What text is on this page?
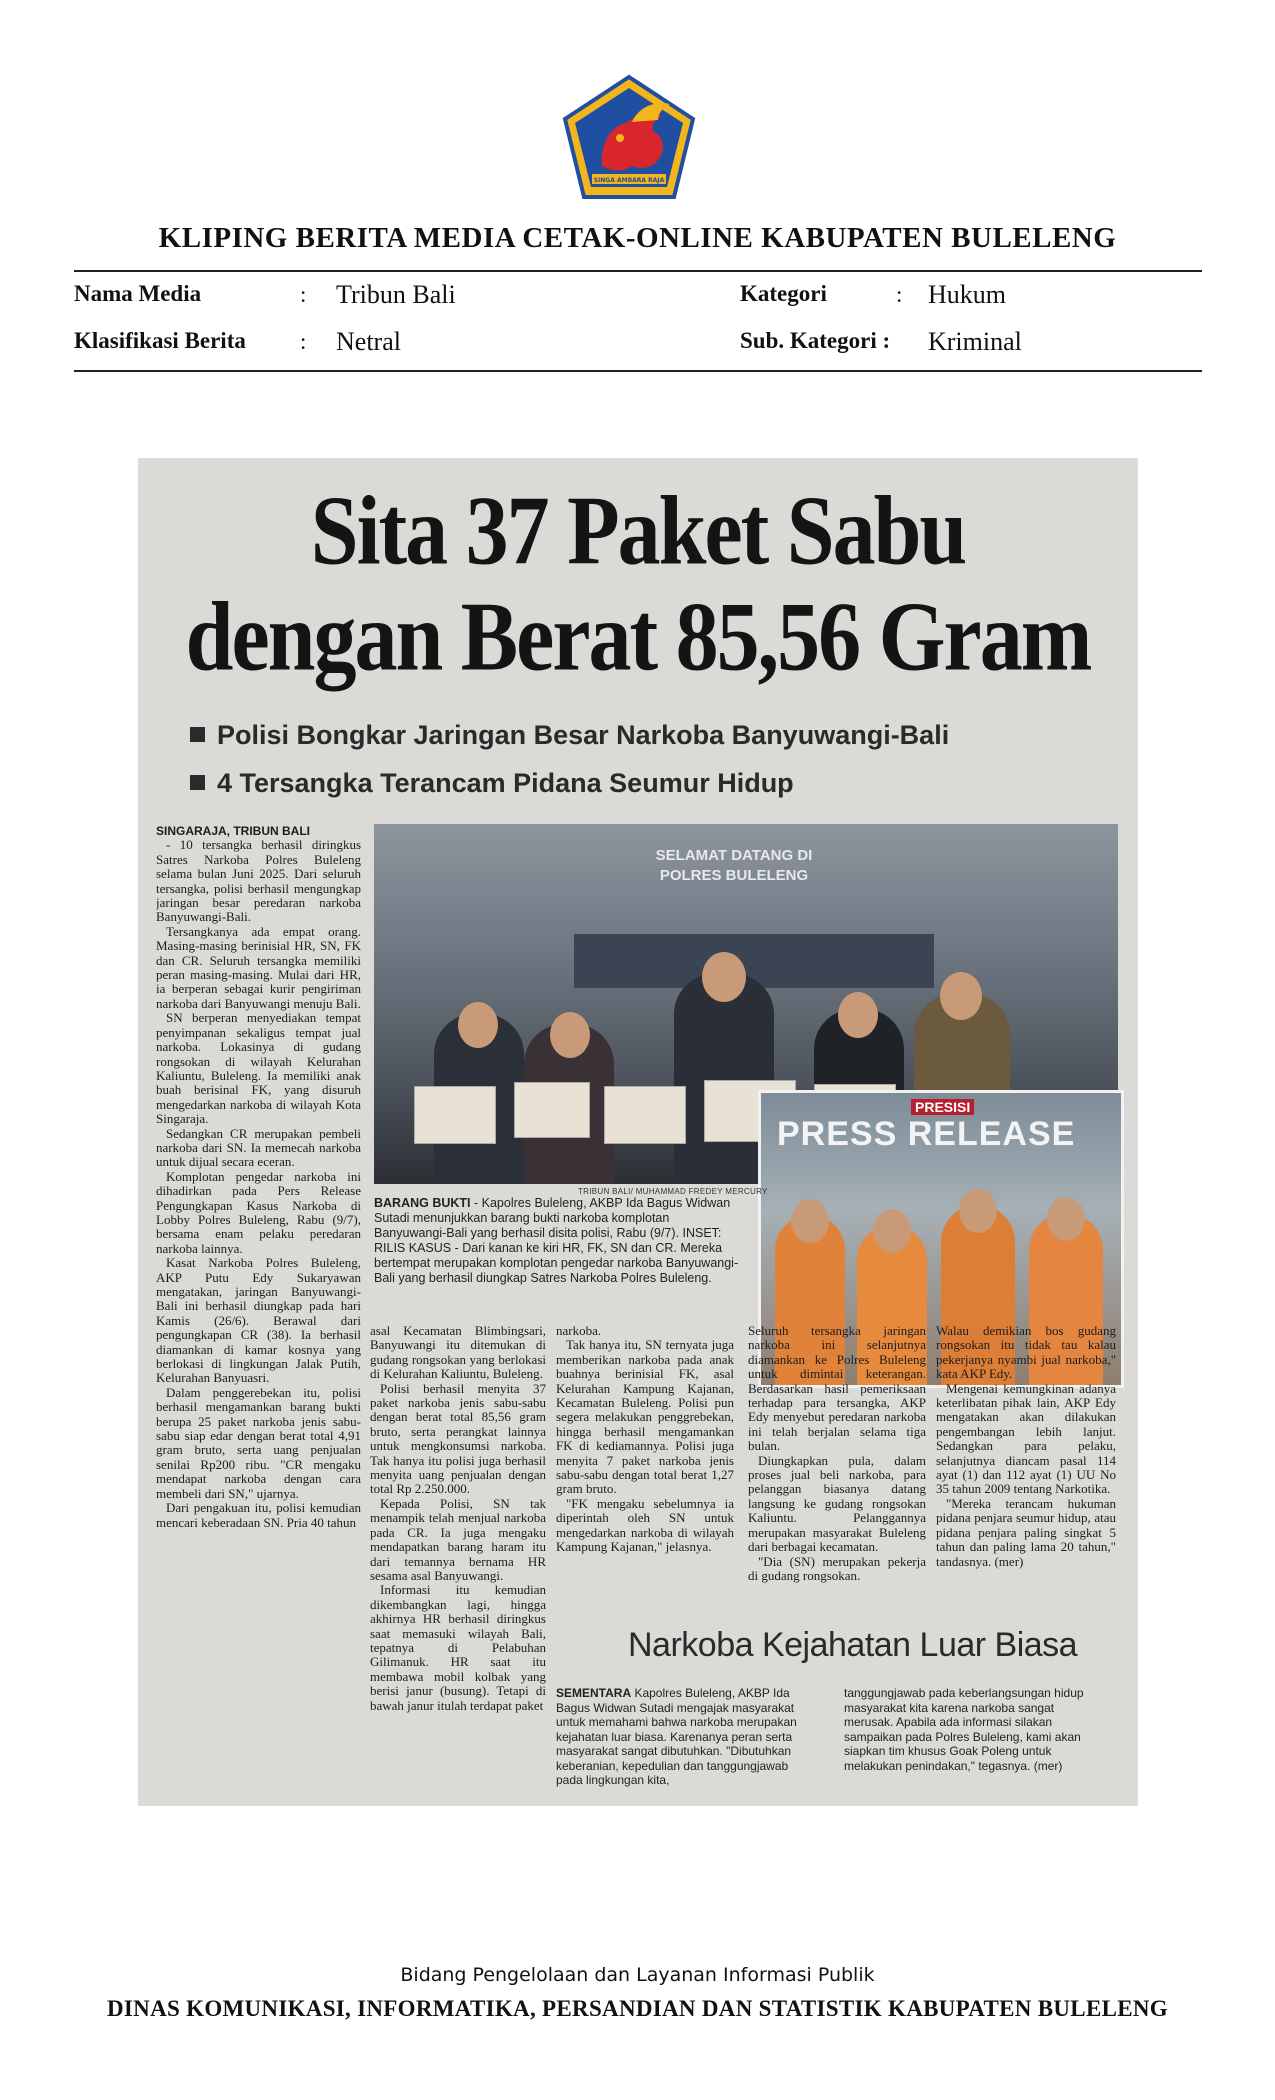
SINGA AMBARA RAJA
KLIPING BERITA MEDIA CETAK-ONLINE KABUPATEN BULELENG
Nama Media	: Tribun Bali	Kategori	: Hukum
Klasifikasi Berita : Netral	Sub. Kategori : Kriminal
Sita 37 Paket Sabu
dengan Berat 85,56 Gram
Polisi Bongkar Jaringan Besar Narkoba Banyuwangi-Bali
4 Tersangka Terancam Pidana Seumur Hidup
SELAMAT DATANG DI POLRES BULELENG
PRESISI
PRESS RELEASE
TRIBUN BALI/ MUHAMMAD FREDEY MERCURY
BARANG BUKTI - Kapolres Buleleng, AKBP Ida Bagus Widwan Sutadi menunjukkan barang bukti narkoba komplotan Banyuwangi-Bali yang berhasil disita polisi, Rabu (9/7). INSET: RILIS KASUS - Dari kanan ke kiri HR, FK, SN dan CR. Mereka bertempat merupakan komplotan pengedar narkoba Banyuwangi-Bali yang berhasil diungkap Satres Narkoba Polres Buleleng.
SINGARAJA, TRIBUN BALI

- 10 tersangka berhasil diringkus Satres Narkoba Polres Buleleng selama bulan Juni 2025. Dari seluruh tersangka, polisi berhasil mengungkap jaringan besar peredaran narkoba Banyuwangi-Bali.

Tersangkanya ada empat orang. Masing-masing berinisial HR, SN, FK dan CR. Seluruh tersangka memiliki peran masing-masing. Mulai dari HR, ia berperan sebagai kurir pengiriman narkoba dari Banyuwangi menuju Bali.

SN berperan menyediakan tempat penyimpanan sekaligus tempat jual narkoba. Lokasinya di gudang rongsokan di wilayah Kelurahan Kaliuntu, Buleleng. Ia memiliki anak buah berisinal FK, yang disuruh mengedarkan narkoba di wilayah Kota Singaraja.

Sedangkan CR merupakan pembeli narkoba dari SN. Ia memecah narkoba untuk dijual secara eceran.

Komplotan pengedar narkoba ini dihadirkan pada Pers Release Pengungkapan Kasus Narkoba di Lobby Polres Buleleng, Rabu (9/7), bersama enam pelaku peredaran narkoba lainnya.

Kasat Narkoba Polres Buleleng, AKP Putu Edy Sukaryawan mengatakan, jaringan Banyuwangi-Bali ini berhasil diungkap pada hari Kamis (26/6). Berawal dari pengungkapan CR (38). Ia berhasil diamankan di kamar kosnya yang berlokasi di lingkungan Jalak Putih, Kelurahan Banyuasri.

Dalam penggerebekan itu, polisi berhasil mengamankan barang bukti berupa 25 paket narkoba jenis sabu-sabu siap edar dengan berat total 4,91 gram bruto, serta uang penjualan senilai Rp200 ribu. "CR mengaku mendapat narkoba dengan cara membeli dari SN," ujarnya.

Dari pengakuan itu, polisi kemudian mencari keberadaan SN. Pria 40 tahun

asal Kecamatan Blimbingsari, Banyuwangi itu ditemukan di gudang rongsokan yang berlokasi di Kelurahan Kaliuntu, Buleleng.

Polisi berhasil menyita 37 paket narkoba jenis sabu-sabu dengan berat total 85,56 gram bruto, serta perangkat lainnya untuk mengkonsumsi narkoba. Tak hanya itu polisi juga berhasil menyita uang penjualan dengan total Rp 2.250.000.

Kepada Polisi, SN tak menampik telah menjual narkoba pada CR. Ia juga mengaku mendapatkan barang haram itu dari temannya bernama HR sesama asal Banyuwangi.

Informasi itu kemudian dikembangkan lagi, hingga akhirnya HR berhasil diringkus saat memasuki wilayah Bali, tepatnya di Pelabuhan Gilimanuk. HR saat itu membawa mobil kolbak yang berisi janur (busung). Tetapi di bawah janur itulah terdapat paket

narkoba.

Tak hanya itu, SN ternyata juga memberikan narkoba pada anak buahnya berinisial FK, asal Kelurahan Kampung Kajanan, Kecamatan Buleleng. Polisi pun segera melakukan penggrebekan, hingga berhasil mengamankan FK di kediamannya. Polisi juga menyita 7 paket narkoba jenis sabu-sabu dengan total berat 1,27 gram bruto.

"FK mengaku sebelumnya ia diperintah oleh SN untuk mengedarkan narkoba di wilayah Kampung Kajanan," jelasnya.

Seluruh tersangka jaringan narkoba ini selanjutnya diamankan ke Polres Buleleng untuk dimintai keterangan. Berdasarkan hasil pemeriksaan terhadap para tersangka, AKP Edy menyebut peredaran narkoba ini telah berjalan selama tiga bulan.

Diungkapkan pula, dalam proses jual beli narkoba, para pelanggan biasanya datang langsung ke gudang rongsokan Kaliuntu. Pelanggannya merupakan masyarakat Buleleng dari berbagai kecamatan.

"Dia (SN) merupakan pekerja di gudang rongsokan.

Walau demikian bos gudang rongsokan itu tidak tau kalau pekerjanya nyambi jual narkoba," kata AKP Edy.

Mengenai kemungkinan adanya keterlibatan pihak lain, AKP Edy mengatakan akan dilakukan pengembangan lebih lanjut. Sedangkan para pelaku, selanjutnya diancam pasal 114 ayat (1) dan 112 ayat (1) UU No 35 tahun 2009 tentang Narkotika.

"Mereka terancam hukuman pidana penjara seumur hidup, atau pidana penjara paling singkat 5 tahun dan paling lama 20 tahun," tandasnya. (mer)

Narkoba Kejahatan Luar Biasa
SEMENTARA Kapolres Buleleng, AKBP Ida Bagus Widwan Sutadi mengajak masyarakat untuk memahami bahwa narkoba merupakan kejahatan luar biasa. Karenanya peran serta masyarakat sangat dibutuhkan. "Dibutuhkan keberanian, kepedulian dan tanggungjawab pada lingkungan kita,
tanggungjawab pada keberlangsungan hidup masyarakat kita karena narkoba sangat merusak. Apabila ada informasi silakan sampaikan pada Polres Buleleng, kami akan siapkan tim khusus Goak Poleng untuk melakukan penindakan," tegasnya. (mer)
Bidang Pengelolaan dan Layanan Informasi Publik
DINAS KOMUNIKASI, INFORMATIKA, PERSANDIAN DAN STATISTIK KABUPATEN BULELENG
